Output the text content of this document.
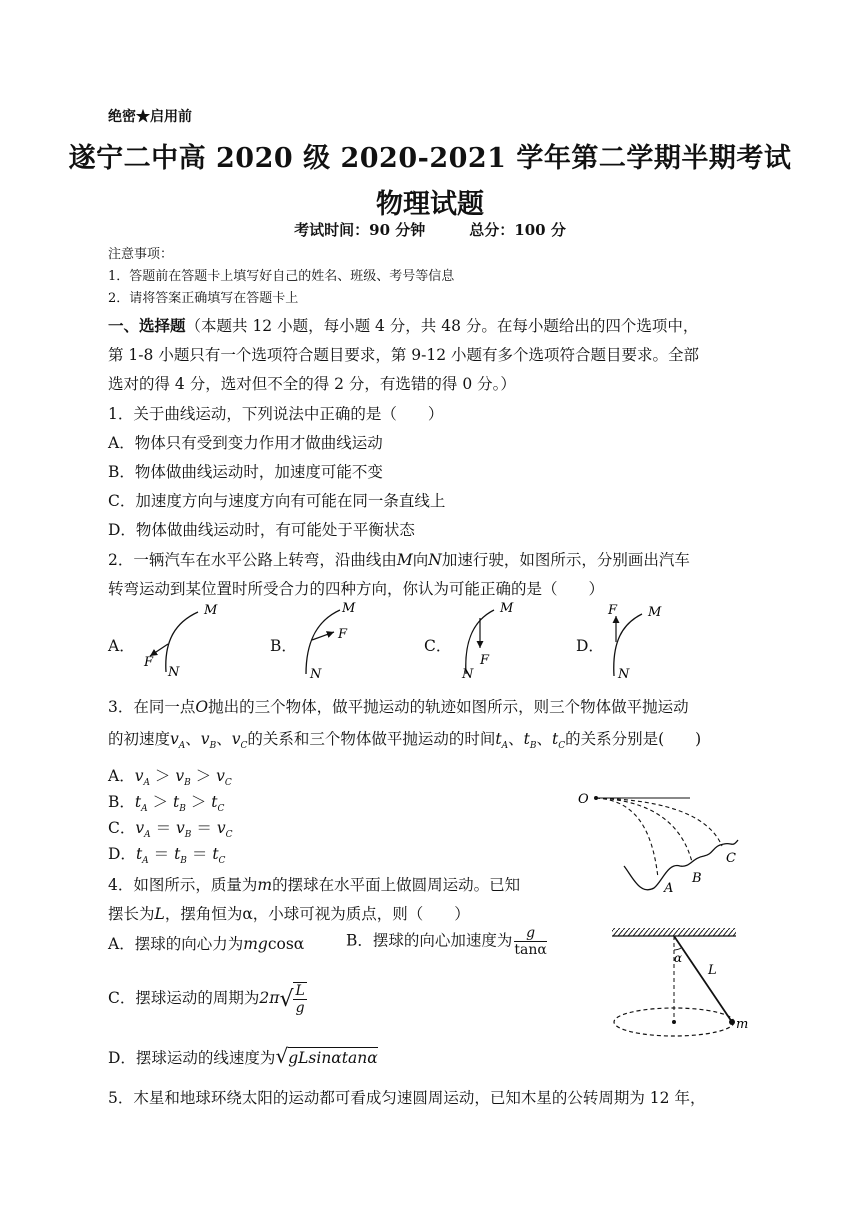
绝密★启用前
遂宁二中高 2020 级 2020-2021 学年第二学期半期考试
物理试题
考试时间：90 分钟	总分：100 分
注意事项：
1．答题前在答题卡上填写好自己的姓名、班级、考号等信息
2．请将答案正确填写在答题卡上
一、选择题（本题共 12 小题，每小题 4 分，共 48 分。在每小题给出的四个选项中，
第 1-8 小题只有一个选项符合题目要求，第 9-12 小题有多个选项符合题目要求。全部
选对的得 4 分，选对但不全的得 2 分，有选错的得 0 分。）
1．关于曲线运动，下列说法中正确的是（　　）
A．物体只有受到变力作用才做曲线运动
B．物体做曲线运动时，加速度可能不变
C．加速度方向与速度方向有可能在同一条直线上
D．物体做曲线运动时，有可能处于平衡状态
2．一辆汽车在水平公路上转弯，沿曲线由M向N加速行驶，如图所示，分别画出汽车
转弯运动到某位置时所受合力的四种方向，你认为可能正确的是（　　）
A．	B．	C．	D．
M
F
N
M
F
N
M
F
N
M
F
N
3．在同一点O抛出的三个物体，做平抛运动的轨迹如图所示，则三个物体做平抛运动
的初速度$v_A$、$v_B$、$v_C$的关系和三个物体做平抛运动的时间$t_A$、$t_B$、$t_C$的关系分别是(　　)
A．$v_A > v_B > v_C$
B．$t_A > t_B > t_C$
C．$v_A = v_B = v_C$
D．$t_A = t_B = t_C$
O
A
B
C
4．如图所示，质量为m的摆球在水平面上做圆周运动。已知
摆长为L，摆角恒为α，小球可视为质点，则（　　）
A．摆球的向心力为mgcosα	B．摆球的向心加速度为 $\frac{g}{\tan\alpha}$
C．摆球运动的周期为$2\pi√ \frac{L}{g}$
D．摆球运动的线速度为√gLsinαtanα
α
L
m
5．木星和地球环绕太阳的运动都可看成匀速圆周运动，已知木星的公转周期为 12 年，
